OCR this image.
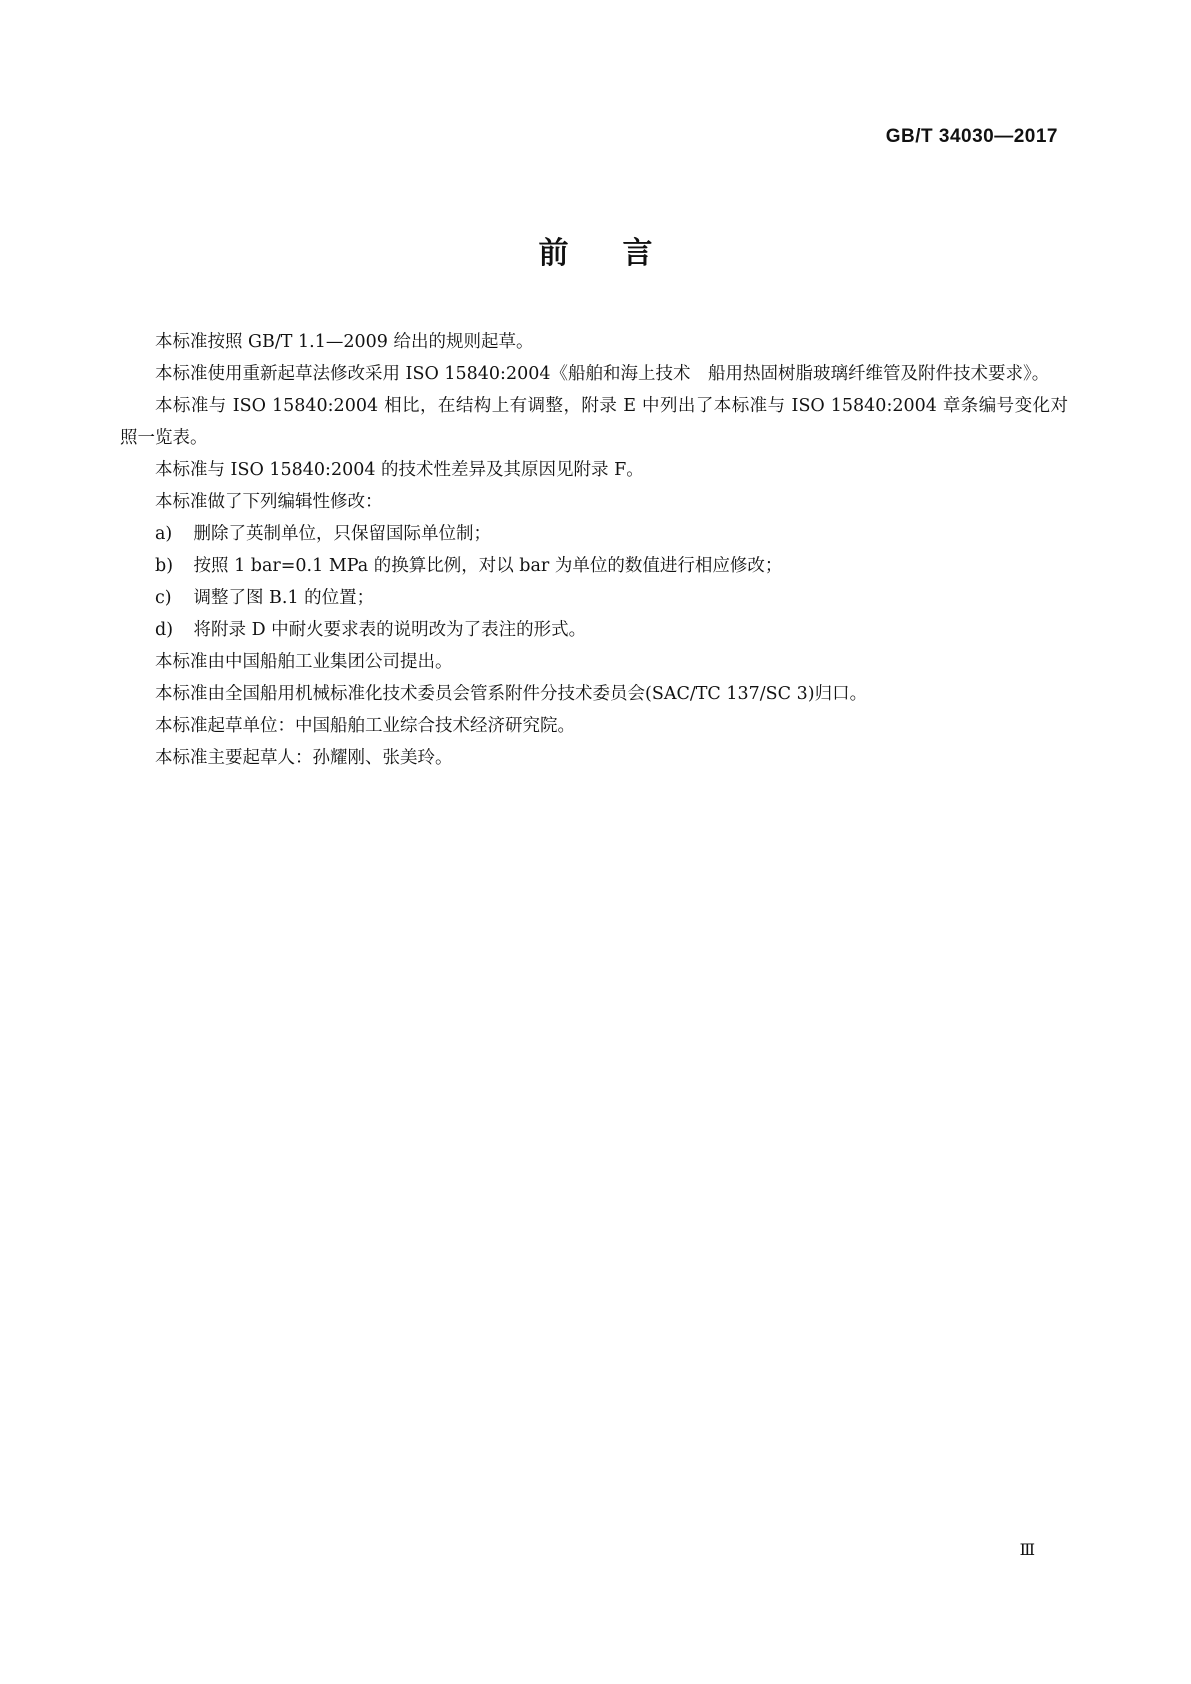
GB/T 34030—2017
前言

本标准按照 GB/T 1.1—2009 给出的规则起草。

本标准使用重新起草法修改采用 ISO 15840:2004《船舶和海上技术　船用热固树脂玻璃纤维管及附件技术要求》。

本标准与 ISO 15840:2004 相比，在结构上有调整，附录 E 中列出了本标准与 ISO 15840:2004 章条编号变化对照一览表。

本标准与 ISO 15840:2004 的技术性差异及其原因见附录 F。

本标准做了下列编辑性修改：

a) 删除了英制单位，只保留国际单位制；

b) 按照 1 bar=0.1 MPa 的换算比例，对以 bar 为单位的数值进行相应修改；

c) 调整了图 B.1 的位置；

d) 将附录 D 中耐火要求表的说明改为了表注的形式。

本标准由中国船舶工业集团公司提出。

本标准由全国船用机械标准化技术委员会管系附件分技术委员会(SAC/TC 137/SC 3)归口。

本标准起草单位：中国船舶工业综合技术经济研究院。

本标准主要起草人：孙耀刚、张美玲。

Ⅲ
